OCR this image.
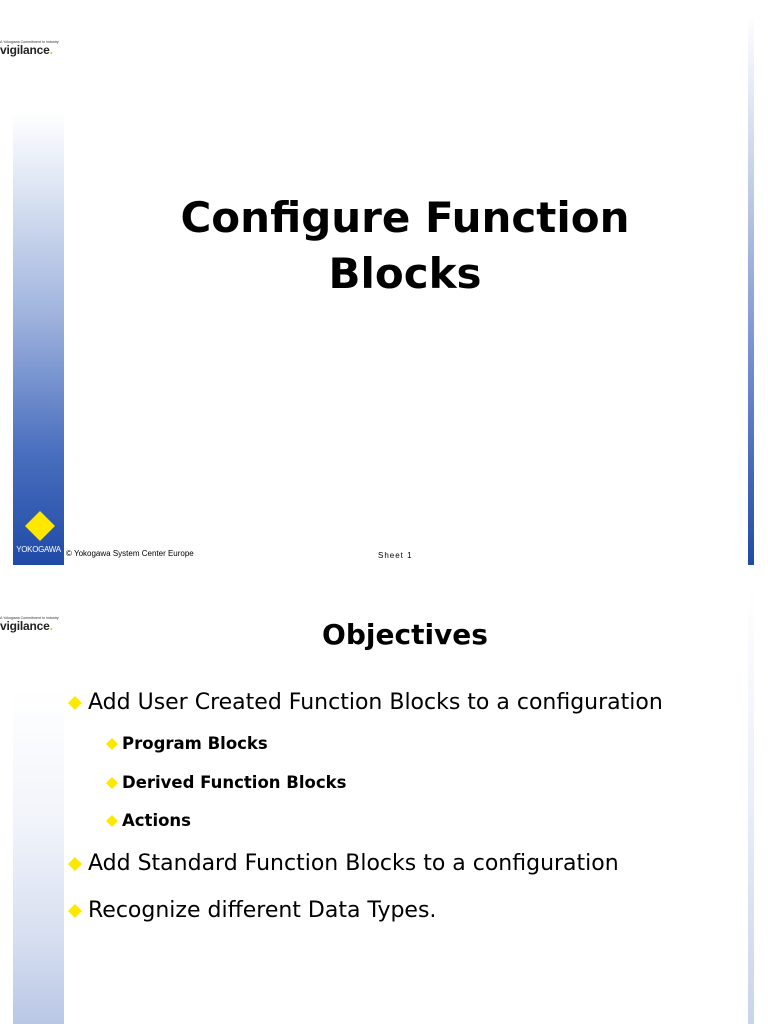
A Yokogawa Commitment to Industry
vigilance.
Configure Function
Blocks
YOKOGAWA © Yokogawa System Center Europe	Sheet 1
A Yokogawa Commitment to Industry
vigilance.	Objectives
Add User Created Function Blocks to a configuration
Program Blocks
Derived Function Blocks
Actions
Add Standard Function Blocks to a configuration
Recognize different Data Types.
